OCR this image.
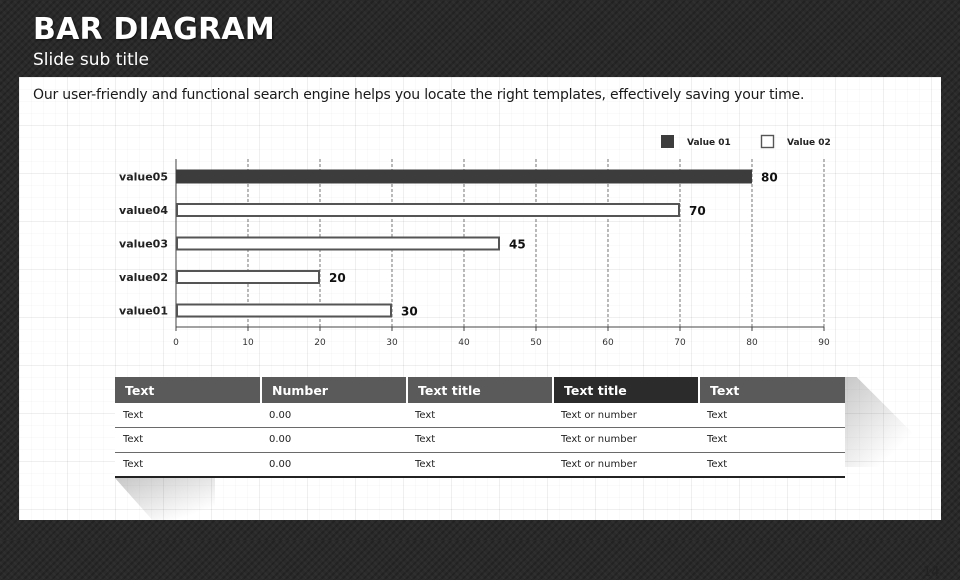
BAR DIAGRAM
Slide sub title
Our user-friendly and functional search engine helps you locate the right templates, effectively saving your time.
Value 01	Value 02
value05
value04
value03
value02
value01
80
70
45
20
30
0	10	20	30	40	50	60	70	80	90
Text	Number	Text title	Text title	Text
Text	0.00	Text	Text or number	Text
Text	0.00	Text	Text or number	Text
Text	0.00	Text	Text or number	Text
14
